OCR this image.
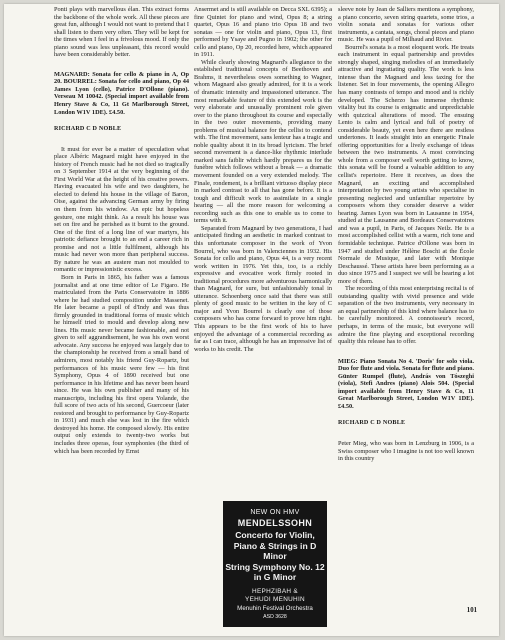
Ponti plays with marvellous élan. This extract forms the backbone of the whole work. All these pieces are great fun, although I would not want to pretend that I shall listen to them very often. They will be kept for the times when I feel in a frivolous mood. If only the piano sound was less unpleasant, this record would have been considerably better.

MAGNARD: Sonata for cello & piano in A, Op 20. BOURREL: Sonata for cello and piano, Op 44 James Lyon (cello), Patrice D'Ollone (piano). Verseau M 10042. (Special import available from Henry Stave & Co, 11 Gt Marlborough Street, London W1V 1DE). £4.50.

RICHARD C D NOBLE

It must for ever be a matter of speculation what place Albéric Magnard might have enjoyed in the history of French music had he not died so tragically on 3 September 1914 at the very beginning of the First World War at the height of his creative powers. Having evacuated his wife and two daughters, he elected to defend his house in the village of Baron, Oise, against the advancing German army by firing on them from his window. An epic but hopeless gesture, one might think. As a result his house was set on fire and he perished as it burnt to the ground. One of the first of a long line of war martyrs, his patriotic defiance brought to an end a career rich in promise and not a little fulfilment, although his music had never won more than peripheral success. By nature he was an austere man not moulded to romantic or impressionistic excess.

Born in Paris in 1865, his father was a famous journalist and at one time editor of Le Figaro. He matriculated from the Paris Conservatoire in 1886 where he had studied composition under Massenet. He later became a pupil of d'Indy and was thus firmly grounded in traditional forms of music which he himself tried to mould and develop along new lines. His music never became fashionable, and not given to self aggrandisement, he was his own worst advocate. Any success he enjoyed was largely due to the championship he received from a small band of admirers, most notably his friend Guy-Ropartz, but performances of his music were few — his first Symphony, Opus 4 of 1890 received but one performance in his lifetime and has never been heard since. He was his own publisher and many of his manuscripts, including his first opera Yolande, the full score of two acts of his second, Guercoeur (later restored and brought to performance by Guy-Ropartz in 1931) and much else was lost in the fire which destroyed his home. He composed slowly. His entire output only extends to twenty-two works but includes three operas, four symphonies (the third of which has been recorded by Ernst

Ansermet and is still available on Decca SXL 6395); a fine Quintet for piano and wind, Opus 8; a string quartet, Opus 16 and piano trio Opus 18 and two sonatas — one for violin and piano, Opus 13, first performed by Ysaye and Pugno in 1902; the other for cello and piano, Op 20, recorded here, which appeared in 1911.

While clearly showing Magnard's allegiance to the established traditional concepts of Beethoven and Brahms, it nevertheless owes something to Wagner, whom Magnard also greatly admired, for it is a work of dramatic intensity and impassioned utterance. The most remarkable feature of this extended work is the very elaborate and unusually prominent role given over to the piano throughout its course and especially in the two outer movements, providing many problems of musical balance for the cellist to contend with. The first movement, sans lenteur has a tragic and noble quality about it in its broad lyricism. The brief second movement is a dance-like rhythmic interlude marked sans faiblir which hardly prepares us for the funèbre which follows without a break — a dramatic movement founded on a very extended melody. The Finale, rondement, is a brilliant virtuoso display piece in marked contrast to all that has gone before. It is a tough and difficult work to assimilate in a single hearing — all the more reason for welcoming a recording such as this one to enable us to come to terms with it.

Separated from Magnard by two generations, I had anticipated finding an aesthetic in marked contrast to this unfortunate composer in the work of Yvon Bourrel, who was born in Valenciennes in 1932. His Sonata for cello and piano, Opus 44, is a very recent work written in 1976. Yet this, too, is a richly expressive and evocative work firmly rooted in traditional procedures more adventurous harmonically than Magnard, for sure, but unfashionably tonal in utterance. Schoenberg once said that there was still plenty of good music to be written in the key of C major and Yvon Bourrel is clearly one of those composers who has come forward to prove him right. This appears to be the first work of his to have enjoyed the advantage of a commercial recording as far as I can trace, although he has an impressive list of works to his credit. The

sleeve note by Jean de Salliers mentions a symphony, a piano concerto, seven string quartets, some trios, a violin sonata and sonatas for various other instruments, a cantata, songs, choral pieces and piano music. He was a pupil of Milhaud and Rivier.

Bourrel's sonata is a most eloquent work. He treats each instrument in equal partnership and provides strongly shaped, singing melodies of an immediately attractive and ingratiating quality. The work is less intense than the Magnard and less taxing for the listener. Set in four movements, the opening Allegro has many contrasts of tempo and mood and is richly developed. The Scherzo has immense rhythmic vitality but its course is enigmatic and unpredictable with quizzical alterations of mood. The ensuing Lento is calm and lyrical and full of poetry of considerable beauty, yet even here there are restless undertones. It leads straight into an energetic Finale offering opportunities for a lively exchange of ideas between the two instruments. A most convincing whole from a composer well worth getting to know, this sonata will be found a valuable addition to any cellist's repertoire. Here it receives, as does the Magnard, an exciting and accomplished interpretation by two young artists who specialise in presenting neglected and unfamiliar repertoire by composers whom they consider deserve a wider hearing. James Lyon was born in Lausanne in 1954, studied at the Lausanne and Bordeaux Conservatoires and was a pupil, in Paris, of Jacques Neilz. He is a most accomplished cellist with a warm, rich tone and formidable technique. Patrice d'Ollone was born in 1947 and studied under Hélène Boschi at the École Normale de Musique, and later with Monique Deschaussé. These artists have been performing as a duo since 1975 and I suspect we will be hearing a lot more of them.

The recording of this most enterprising recital is of outstanding quality with vivid presence and wide separation of the two instruments, very necessary in an equal partnership of this kind where balance has to be carefully monitored. A connoisseur's record, perhaps, in terms of the music, but everyone will admire the fine playing and exceptional recording quality this release has to offer.

MIEG: Piano Sonata No 4. 'Doris' for solo viola. Duo for flute and viola. Sonata for flute and piano. Günter Rumpel (flute), András von Tószeghi (viola), Stefi Andres (piano) Alois 504. (Special import available from Henry Stave & Co, 11 Great Marlborough Street, London W1V 1DE). £4.50.

RICHARD C D NOBLE

Peter Mieg, who was born in Lenzburg in 1906, is a Swiss composer who I imagine is not too well known in this country

NEW ON HMV
MENDELSSOHN
Concerto for Violin,
Piano & Strings in D Minor
String Symphony No. 12
in G Minor
HEPHZIBAH &
YEHUDI MENUHIN
Menuhin Festival Orchestra
ASD 3628
101
